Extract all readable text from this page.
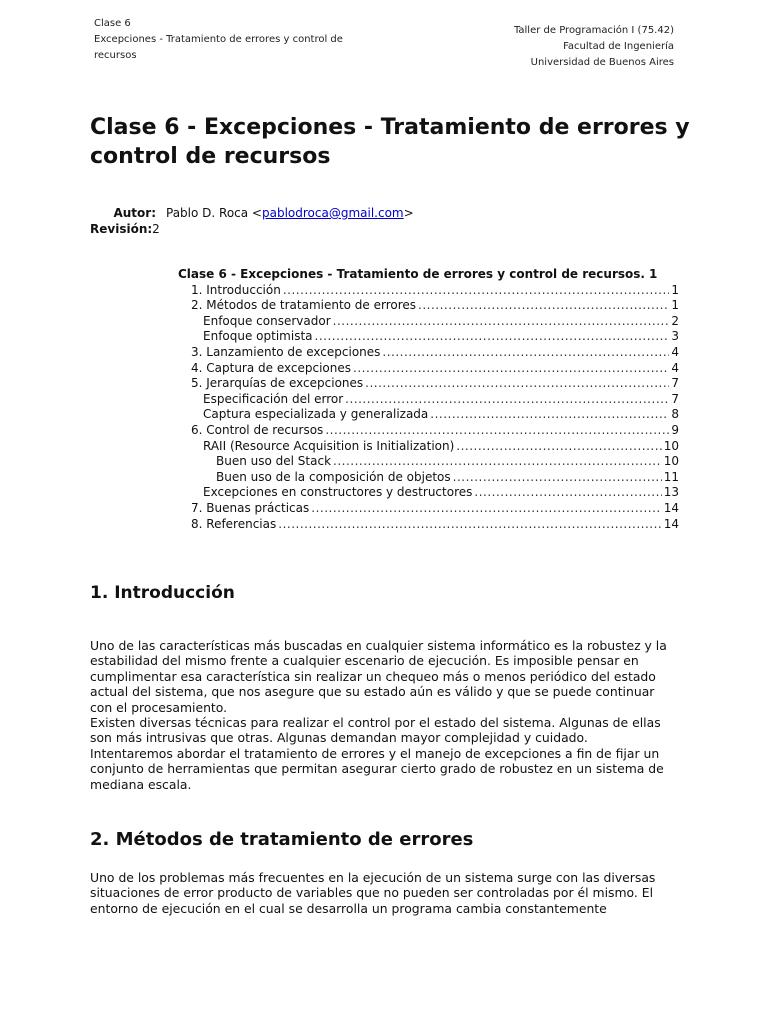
Clase 6
Excepciones - Tratamiento de errores y control de
recursos
Taller de Programación I (75.42)
Facultad de Ingeniería
Universidad de Buenos Aires
Clase 6 - Excepciones - Tratamiento de errores y control de recursos
Autor: Pablo D. Roca <pablodroca@gmail.com>
Revisión:2
Clase 6 - Excepciones - Tratamiento de errores y control de recursos. 1
1. Introducción .....	1
2. Métodos de tratamiento de errores .....	1
Enfoque conservador .....	2
Enfoque optimista .....	3
3. Lanzamiento de excepciones .....	4
4. Captura de excepciones .....	4
5. Jerarquías de excepciones .....	7
Especificación del error .....	7
Captura especializada y generalizada .....	8
6. Control de recursos .....	9
RAII (Resource Acquisition is Initialization) .....	10
Buen uso del Stack .....	10
Buen uso de la composición de objetos .....	11
Excepciones en constructores y destructores .....	13
7. Buenas prácticas .....	14
8. Referencias .....	14
1. Introducción

Uno de las características más buscadas en cualquier sistema informático es la robustez y la estabilidad del mismo frente a cualquier escenario de ejecución. Es imposible pensar en cumplimentar esa característica sin realizar un chequeo más o menos periódico del estado actual del sistema, que nos asegure que su estado aún es válido y que se puede continuar con el procesamiento.
Existen diversas técnicas para realizar el control por el estado del sistema. Algunas de ellas son más intrusivas que otras. Algunas demandan mayor complejidad y cuidado.
Intentaremos abordar el tratamiento de errores y el manejo de excepciones a fin de fijar un conjunto de herramientas que permitan asegurar cierto grado de robustez en un sistema de mediana escala.

2. Métodos de tratamiento de errores

Uno de los problemas más frecuentes en la ejecución de un sistema surge con las diversas situaciones de error producto de variables que no pueden ser controladas por él mismo. El entorno de ejecución en el cual se desarrolla un programa cambia constantemente
